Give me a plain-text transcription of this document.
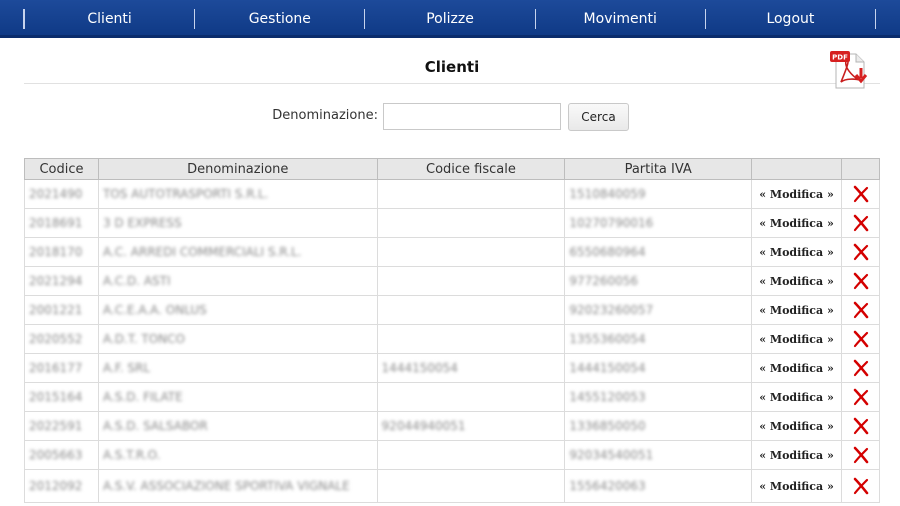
Clienti	Gestione	Polizze	Movimenti	Logout
Clienti
PDF
Denominazione:	Cerca
Codice	Denominazione	Codice fiscale	Partita IVA		
2021490	TOS AUTOTRASPORTI S.R.L.		1510840059	« Modifica »	
2018691	3 D EXPRESS		10270790016	« Modifica »	
2018170	A.C. ARREDI COMMERCIALI S.R.L.		6550680964	« Modifica »	
2021294	A.C.D. ASTI		977260056	« Modifica »	
2001221	A.C.E.A.A. ONLUS		92023260057	« Modifica »	
2020552	A.D.T. TONCO		1355360054	« Modifica »	
2016177	A.F. SRL	1444150054	1444150054	« Modifica »	
2015164	A.S.D. FILATE		1455120053	« Modifica »	
2022591	A.S.D. SALSABOR	92044940051	1336850050	« Modifica »	
2005663	A.S.T.R.O.		92034540051	« Modifica »	
2012092	A.S.V. ASSOCIAZIONE SPORTIVA VIGNALE		1556420063	« Modifica »	
